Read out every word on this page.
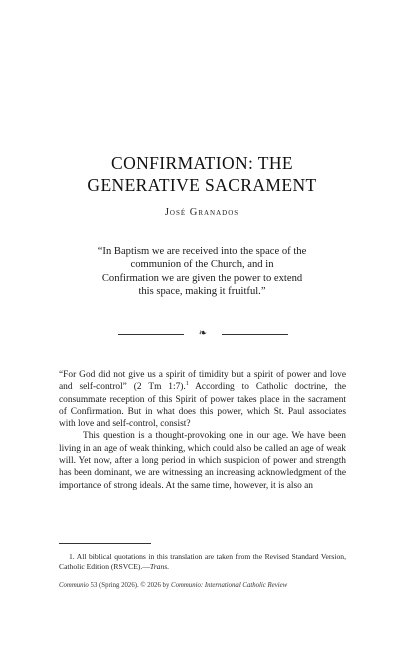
CONFIRMATION: THE
GENERATIVE SACRAMENT
José Granados
“In Baptism we are received into the space of the
communion of the Church, and in
Confirmation we are given the power to extend
this space, making it fruitful.”
❧

“For God did not give us a spirit of timidity but a spirit of power and love and self-control” (2 Tm 1:7).$^1$ According to Catholic doctrine, the consummate reception of this Spirit of power takes place in the sacrament of Confirmation. But in what does this power, which St. Paul associates with love and self-control, consist?

This question is a thought-provoking one in our age. We have been living in an age of weak thinking, which could also be called an age of weak will. Yet now, after a long period in which suspicion of power and strength has been dominant, we are witnessing an increasing acknowledgment of the importance of strong ideals. At the same time, however, it is also an

1. All biblical quotations in this translation are taken from the Revised Standard Version, Catholic Edition (RSVCE).—Trans.
Communio 53 (Spring 2026). © 2026 by Communio: International Catholic Review
